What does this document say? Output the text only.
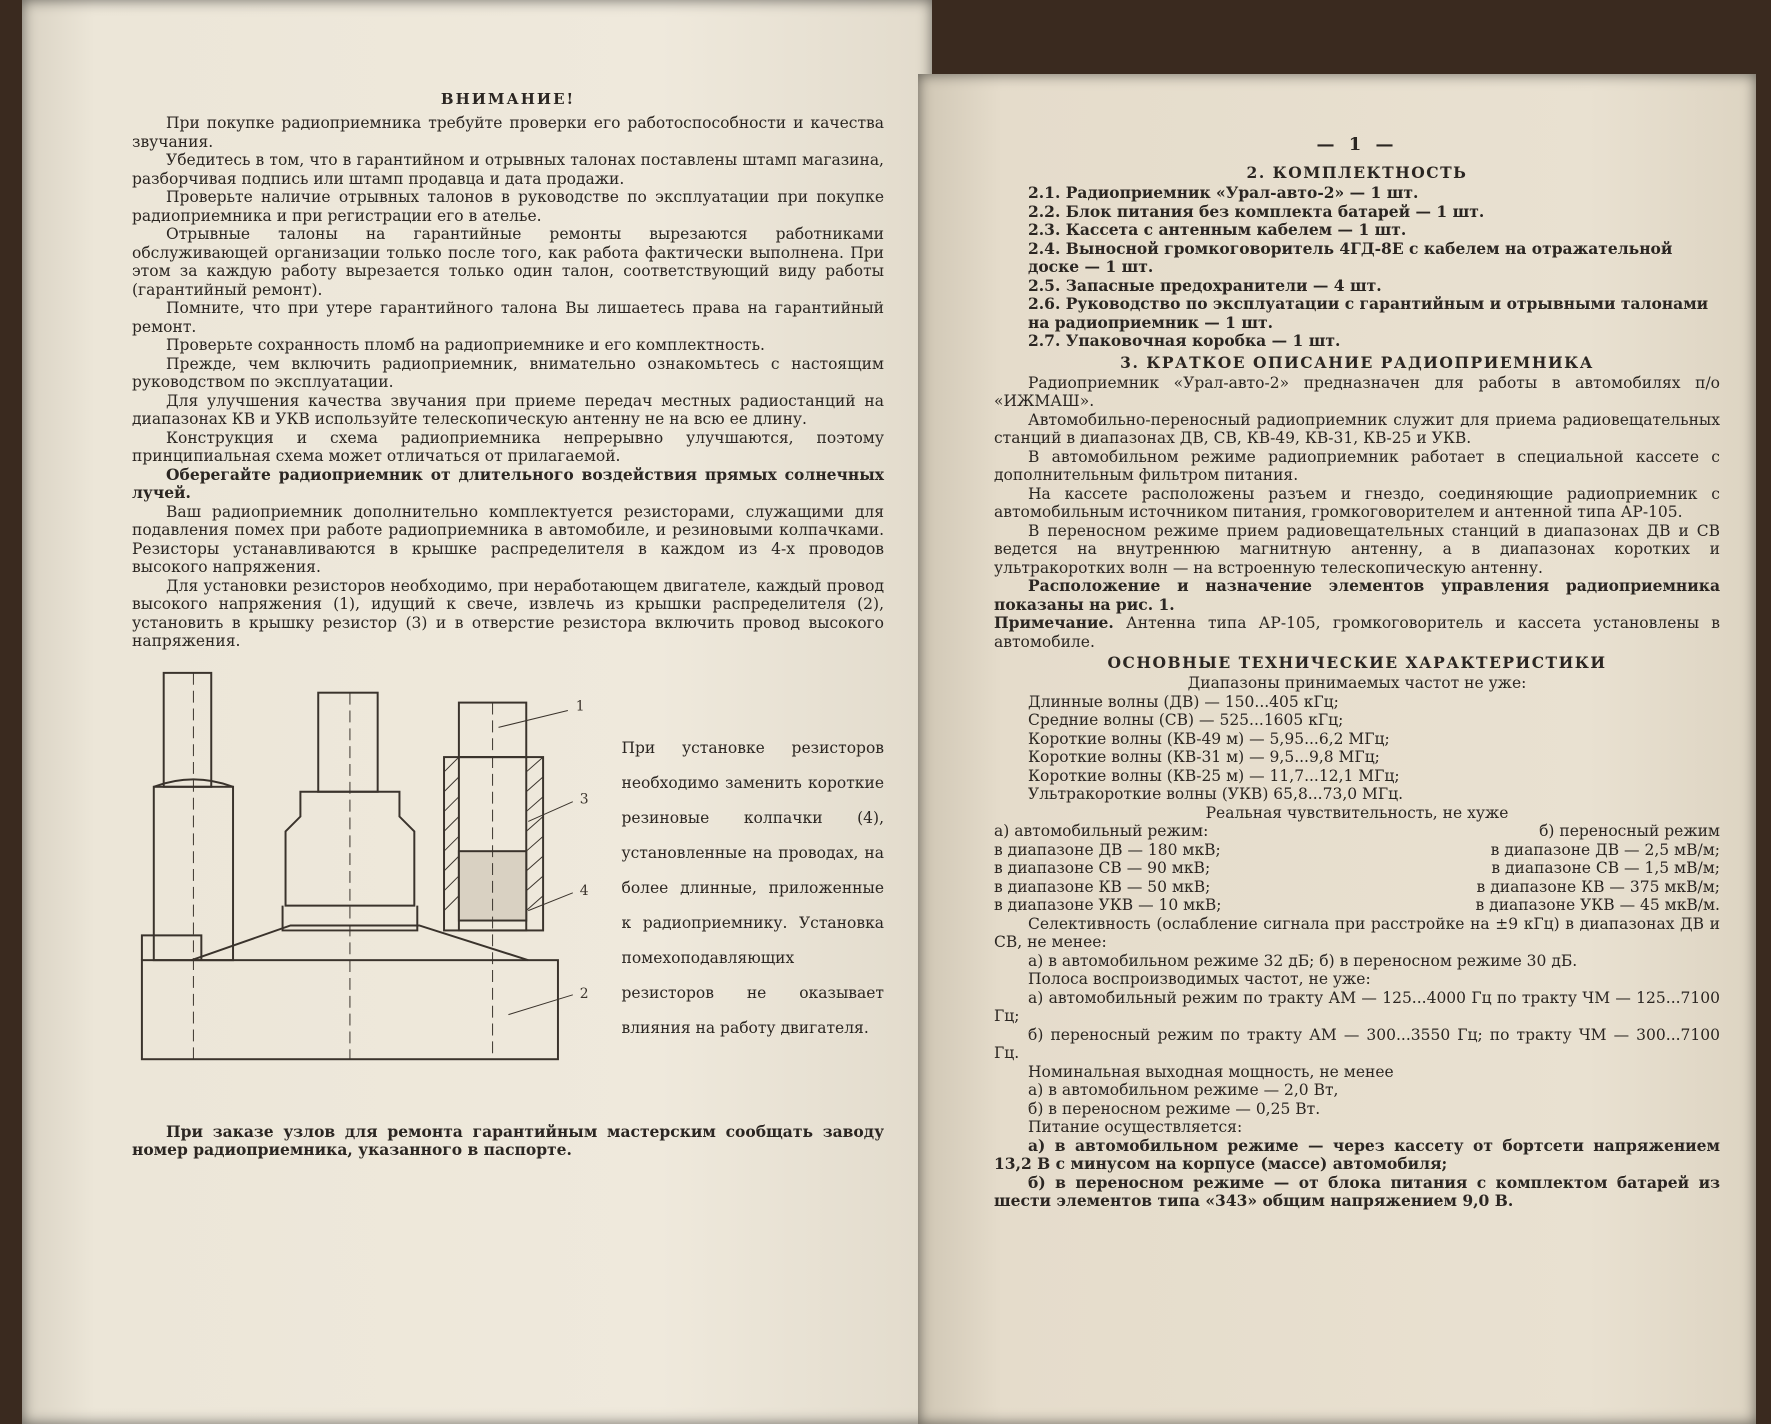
ВНИМАНИЕ!

При покупке радиоприемника требуйте проверки его работоспособности и качества звучания.

Убедитесь в том, что в гарантийном и отрывных талонах поставлены штамп магазина, разборчивая подпись или штамп продавца и дата продажи.

Проверьте наличие отрывных талонов в руководстве по эксплуатации при покупке радиоприемника и при регистрации его в ателье.

Отрывные талоны на гарантийные ремонты вырезаются работниками обслуживающей организации только после того, как работа фактически выполнена. При этом за каждую работу вырезается только один талон, соответствующий виду работы (гарантийный ремонт).

Помните, что при утере гарантийного талона Вы лишаетесь права на гарантийный ремонт.

Проверьте сохранность пломб на радиоприемнике и его комплектность.

Прежде, чем включить радиоприемник, внимательно ознакомьтесь с настоящим руководством по эксплуатации.

Для улучшения качества звучания при приеме передач местных радиостанций на диапазонах КВ и УКВ используйте телескопическую антенну не на всю ее длину.

Конструкция и схема радиоприемника непрерывно улучшаются, поэтому принципиальная схема может отличаться от прилагаемой.

Оберегайте радиоприемник от длительного воздействия прямых солнечных лучей.

Ваш радиоприемник дополнительно комплектуется резисторами, служащими для подавления помех при работе радиоприемника в автомобиле, и резиновыми колпачками. Резисторы устанавливаются в крышке распределителя в каждом из 4-х проводов высокого напряжения.

Для установки резисторов необходимо, при неработающем двигателе, каждый провод высокого напряжения (1), идущий к свече, извлечь из крышки распределителя (2), установить в крышку резистор (3) и в отверстие резистора включить провод высокого напряжения.

1
3
4
2

При установке резисторов необходимо заменить короткие резиновые колпачки (4), установленные на проводах, на более длинные, приложенные к радиоприемнику. Установка помехоподавляющих резисторов не оказывает влияния на работу двигателя.

При заказе узлов для ремонта гарантийным мастерским сообщать заводу номер радиоприемника, указанного в паспорте.

— 1 —
2. КОМПЛЕКТНОСТЬ
2.1. Радиоприемник «Урал-авто-2» — 1 шт.
2.2. Блок питания без комплекта батарей — 1 шт.
2.3. Кассета с антенным кабелем — 1 шт.
2.4. Выносной громкоговоритель 4ГД-8Е с кабелем на отражательной доске — 1 шт.
2.5. Запасные предохранители — 4 шт.
2.6. Руководство по эксплуатации с гарантийным и отрывными талонами на радиоприемник — 1 шт.
2.7. Упаковочная коробка — 1 шт.
3. КРАТКОЕ ОПИСАНИЕ РАДИОПРИЕМНИКА

Радиоприемник «Урал-авто-2» предназначен для работы в автомобилях п/о «ИЖМАШ».

Автомобильно-переносный радиоприемник служит для приема радиовещательных станций в диапазонах ДВ, СВ, КВ-49, КВ-31, КВ-25 и УКВ.

В автомобильном режиме радиоприемник работает в специальной кассете с дополнительным фильтром питания.

На кассете расположены разъем и гнездо, соединяющие радиоприемник с автомобильным источником питания, громкоговорителем и антенной типа АР-105.

В переносном режиме прием радиовещательных станций в диапазонах ДВ и СВ ведется на внутреннюю магнитную антенну, а в диапазонах коротких и ультракоротких волн — на встроенную телескопическую антенну.

Расположение и назначение элементов управления радиоприемника показаны на рис. 1.

Примечание. Антенна типа АР-105, громкоговоритель и кассета установлены в автомобиле.

ОСНОВНЫЕ ТЕХНИЧЕСКИЕ ХАРАКТЕРИСТИКИ
Диапазоны принимаемых частот не уже:
Длинные волны (ДВ) — 150...405 кГц;
Средние волны (СВ) — 525...1605 кГц;
Короткие волны (КВ-49 м) — 5,95...6,2 МГц;
Короткие волны (КВ-31 м) — 9,5...9,8 МГц;
Короткие волны (КВ-25 м) — 11,7...12,1 МГц;
Ультракороткие волны (УКВ) 65,8...73,0 МГц.
Реальная чувствительность, не хуже
а) автомобильный режим:	б) переносный режим
в диапазоне ДВ — 180 мкВ;	в диапазоне ДВ — 2,5 мВ/м;
в диапазоне СВ — 90 мкВ;	в диапазоне СВ — 1,5 мВ/м;
в диапазоне КВ — 50 мкВ;	в диапазоне КВ — 375 мкВ/м;
в диапазоне УКВ — 10 мкВ;	в диапазоне УКВ — 45 мкВ/м.

Селективность (ослабление сигнала при расстройке на ±9 кГц) в диапазонах ДВ и СВ, не менее:

а) в автомобильном режиме 32 дБ; б) в переносном режиме 30 дБ.

Полоса воспроизводимых частот, не уже:

а) автомобильный режим по тракту АМ — 125...4000 Гц по тракту ЧМ — 125...7100 Гц;

б) переносный режим по тракту АМ — 300...3550 Гц; по тракту ЧМ — 300...7100 Гц.

Номинальная выходная мощность, не менее

а) в автомобильном режиме — 2,0 Вт,

б) в переносном режиме — 0,25 Вт.

Питание осуществляется:

а) в автомобильном режиме — через кассету от бортсети напряжением 13,2 В с минусом на корпусе (массе) автомобиля;

б) в переносном режиме — от блока питания с комплектом батарей из шести элементов типа «343» общим напряжением 9,0 В.
